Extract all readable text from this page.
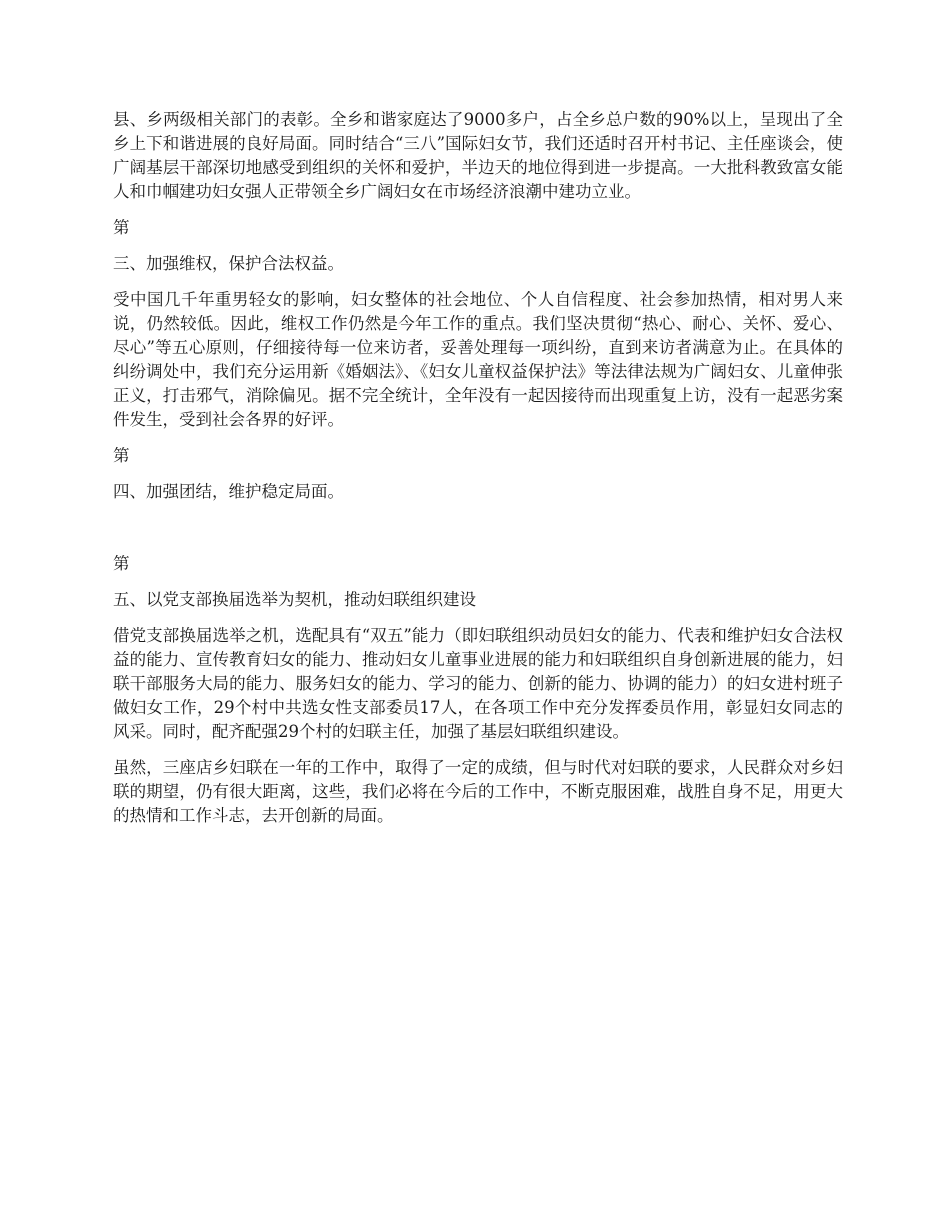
县、乡两级相关部门的表彰。全乡和谐家庭达了9000多户，占全乡总户数的90%以上，呈现出了全乡上下和谐进展的良好局面。同时结合“三八”国际妇女节，我们还适时召开村书记、主任座谈会，使广阔基层干部深切地感受到组织的关怀和爱护，半边天的地位得到进一步提高。一大批科教致富女能人和巾帼建功妇女强人正带领全乡广阔妇女在市场经济浪潮中建功立业。

第

三、加强维权，保护合法权益。

受中国几千年重男轻女的影响，妇女整体的社会地位、个人自信程度、社会参加热情，相对男人来说，仍然较低。因此，维权工作仍然是今年工作的重点。我们坚决贯彻“热心、耐心、关怀、爱心、尽心”等五心原则，仔细接待每一位来访者，妥善处理每一项纠纷，直到来访者满意为止。在具体的纠纷调处中，我们充分运用新《婚姻法》、《妇女儿童权益保护法》等法律法规为广阔妇女、儿童伸张正义，打击邪气，消除偏见。据不完全统计，全年没有一起因接待而出现重复上访，没有一起恶劣案件发生，受到社会各界的好评。

第

四、加强团结，维护稳定局面。

第

五、以党支部换届选举为契机，推动妇联组织建设

借党支部换届选举之机，选配具有“双五”能力（即妇联组织动员妇女的能力、代表和维护妇女合法权益的能力、宣传教育妇女的能力、推动妇女儿童事业进展的能力和妇联组织自身创新进展的能力，妇联干部服务大局的能力、服务妇女的能力、学习的能力、创新的能力、协调的能力）的妇女进村班子做妇女工作，29个村中共选女性支部委员17人，在各项工作中充分发挥委员作用，彰显妇女同志的风采。同时，配齐配强29个村的妇联主任，加强了基层妇联组织建设。

虽然，三座店乡妇联在一年的工作中，取得了一定的成绩，但与时代对妇联的要求，人民群众对乡妇联的期望，仍有很大距离，这些，我们必将在今后的工作中，不断克服困难，战胜自身不足，用更大的热情和工作斗志，去开创新的局面。
